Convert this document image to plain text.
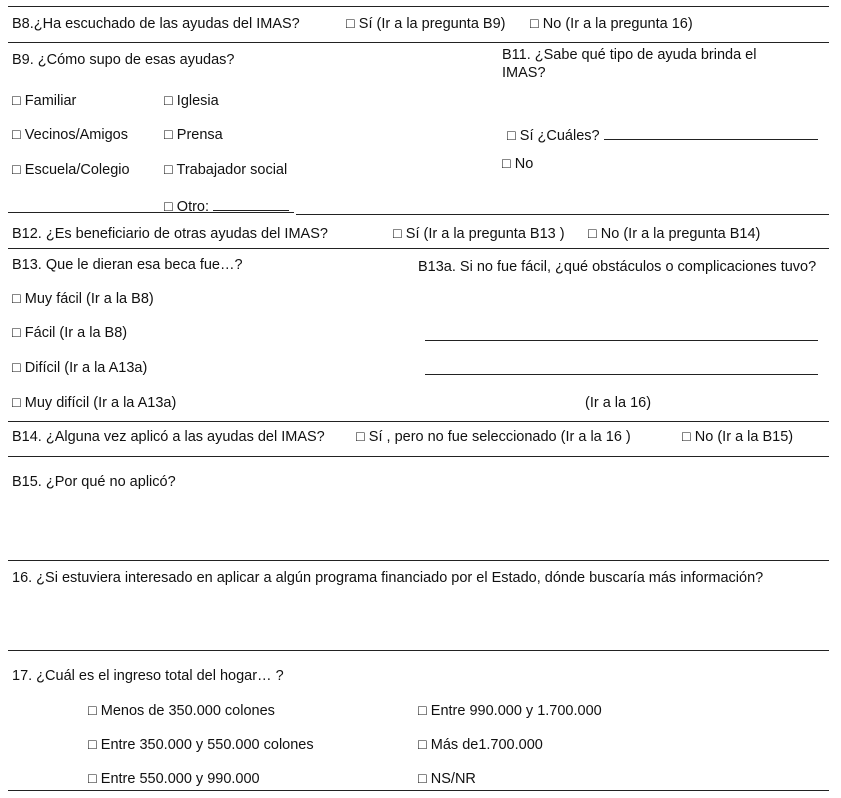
B8.¿Ha escuchado de las ayudas del IMAS?	□ Sí (Ir a la pregunta B9) □ No (Ir a la pregunta 16)
B9. ¿Cómo supo de esas ayudas?
□ Familiar	□ Iglesia
□ Vecinos/Amigos □ Prensa
□ Escuela/Colegio □ Trabajador social
□ Otro:
B11. ¿Sabe qué tipo de ayuda brinda el IMAS?
□ Sí ¿Cuáles?
□ No
B12. ¿Es beneficiario de otras ayudas del IMAS?	□ Sí (Ir a la pregunta B13 ) □ No (Ir a la pregunta B14)
B13. Que le dieran esa beca fue…?
□ Muy fácil (Ir a la B8)
□ Fácil (Ir a la B8)
□ Difícil (Ir a la A13a)
□ Muy difícil (Ir a la A13a)
B13a. Si no fue fácil, ¿qué obstáculos o complicaciones tuvo?
(Ir a la 16)
B14. ¿Alguna vez aplicó a las ayudas del IMAS? □ Sí , pero no fue seleccionado (Ir a la 16 )	□ No (Ir a la B15)
B15. ¿Por qué no aplicó?
16. ¿Si estuviera interesado en aplicar a algún programa financiado por el Estado, dónde buscaría más información?
17. ¿Cuál es el ingreso total del hogar… ?
□ Menos de 350.000 colones	□ Entre 990.000 y 1.700.000
□ Entre 350.000 y 550.000 colones	□ Más de1.700.000
□ Entre 550.000 y 990.000	□ NS/NR
